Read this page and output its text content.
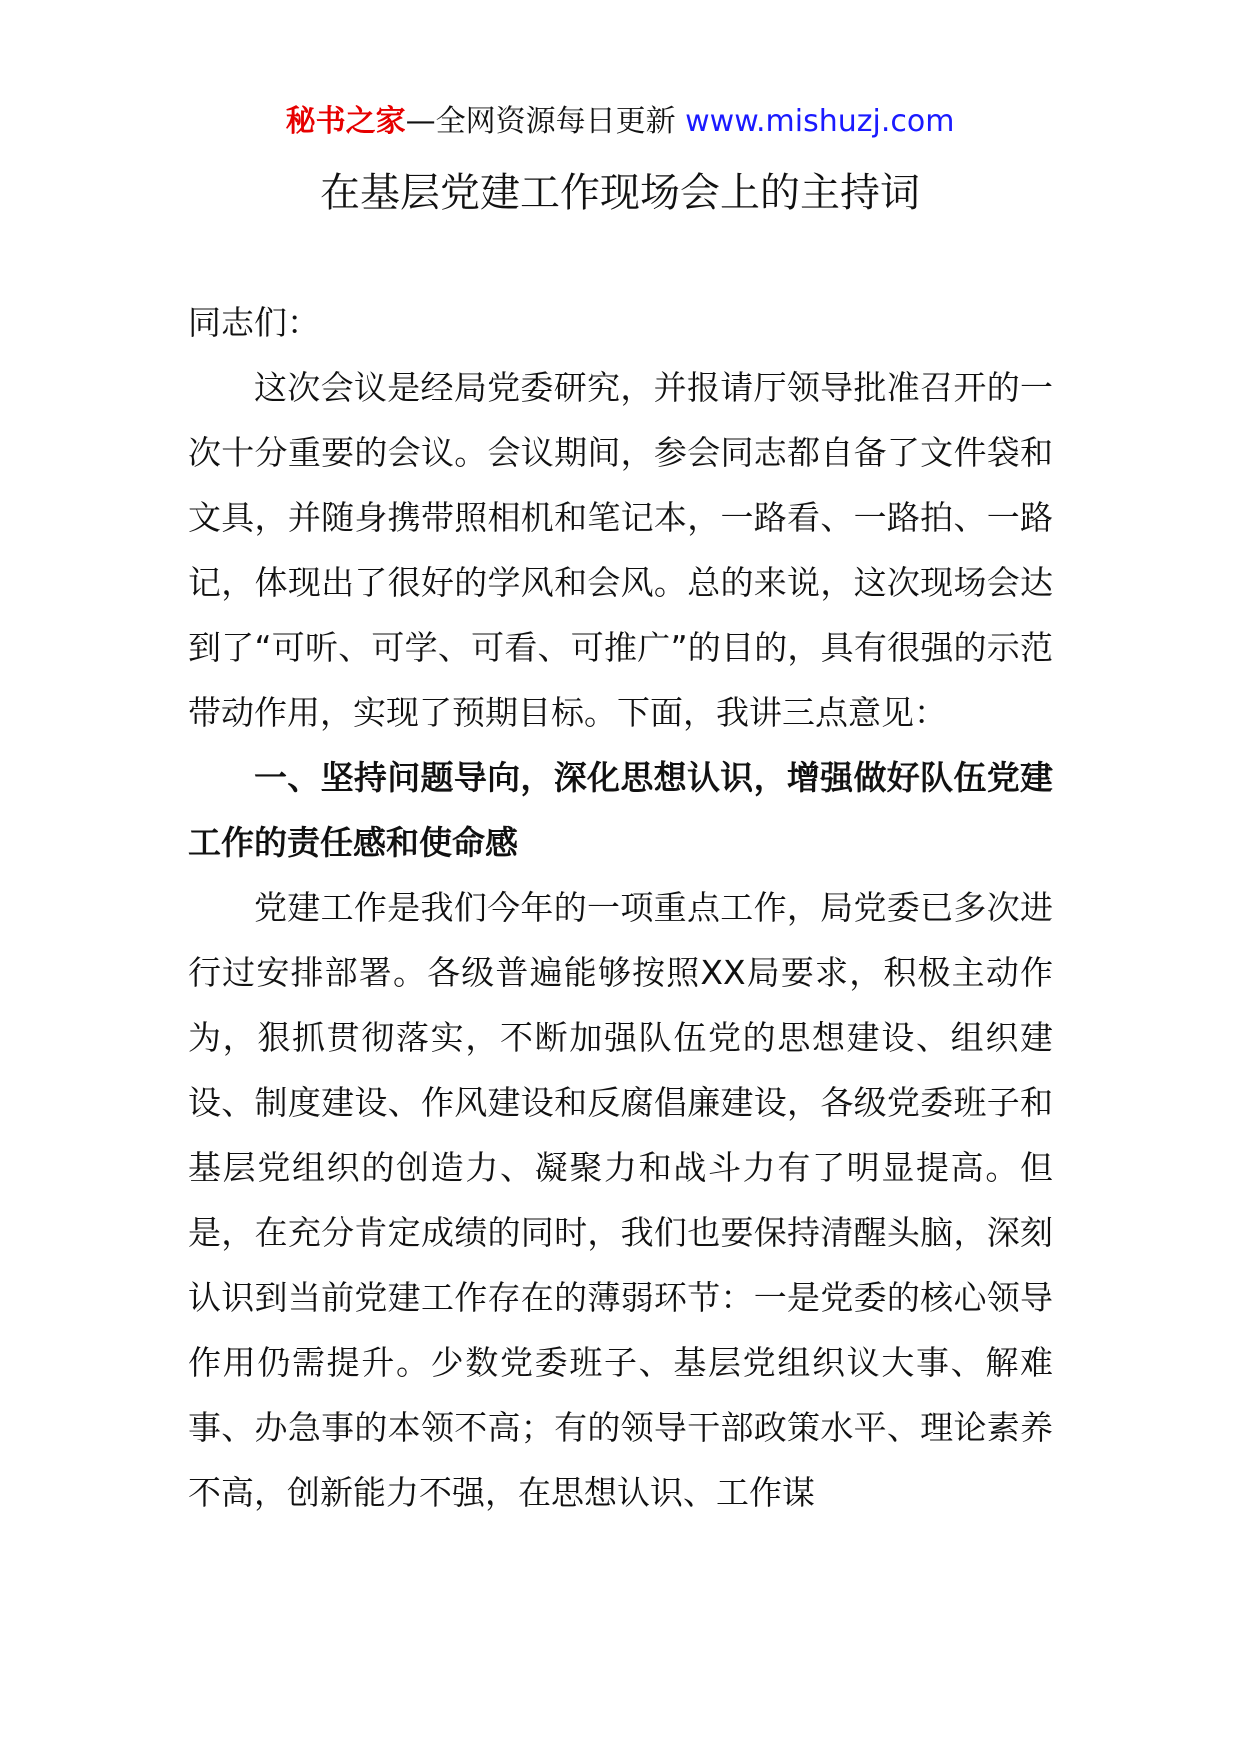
秘书之家—全网资源每日更新 www.mishuzj.com
在基层党建工作现场会上的主持词

同志们：

这次会议是经局党委研究，并报请厅领导批准召开的一次十分重要的会议。会议期间，参会同志都自备了文件袋和文具，并随身携带照相机和笔记本，一路看、一路拍、一路记，体现出了很好的学风和会风。总的来说，这次现场会达到了“可听、可学、可看、可推广”的目的，具有很强的示范带动作用，实现了预期目标。下面，我讲三点意见：

一、坚持问题导向，深化思想认识，增强做好队伍党建工作的责任感和使命感

党建工作是我们今年的一项重点工作，局党委已多次进行过安排部署。各级普遍能够按照XX局要求，积极主动作为，狠抓贯彻落实，不断加强队伍党的思想建设、组织建设、制度建设、作风建设和反腐倡廉建设，各级党委班子和基层党组织的创造力、凝聚力和战斗力有了明显提高。但是，在充分肯定成绩的同时，我们也要保持清醒头脑，深刻认识到当前党建工作存在的薄弱环节：一是党委的核心领导作用仍需提升。少数党委班子、基层党组织议大事、解难事、办急事的本领不高；有的领导干部政策水平、理论素养不高，创新能力不强，在思想认识、工作谋
